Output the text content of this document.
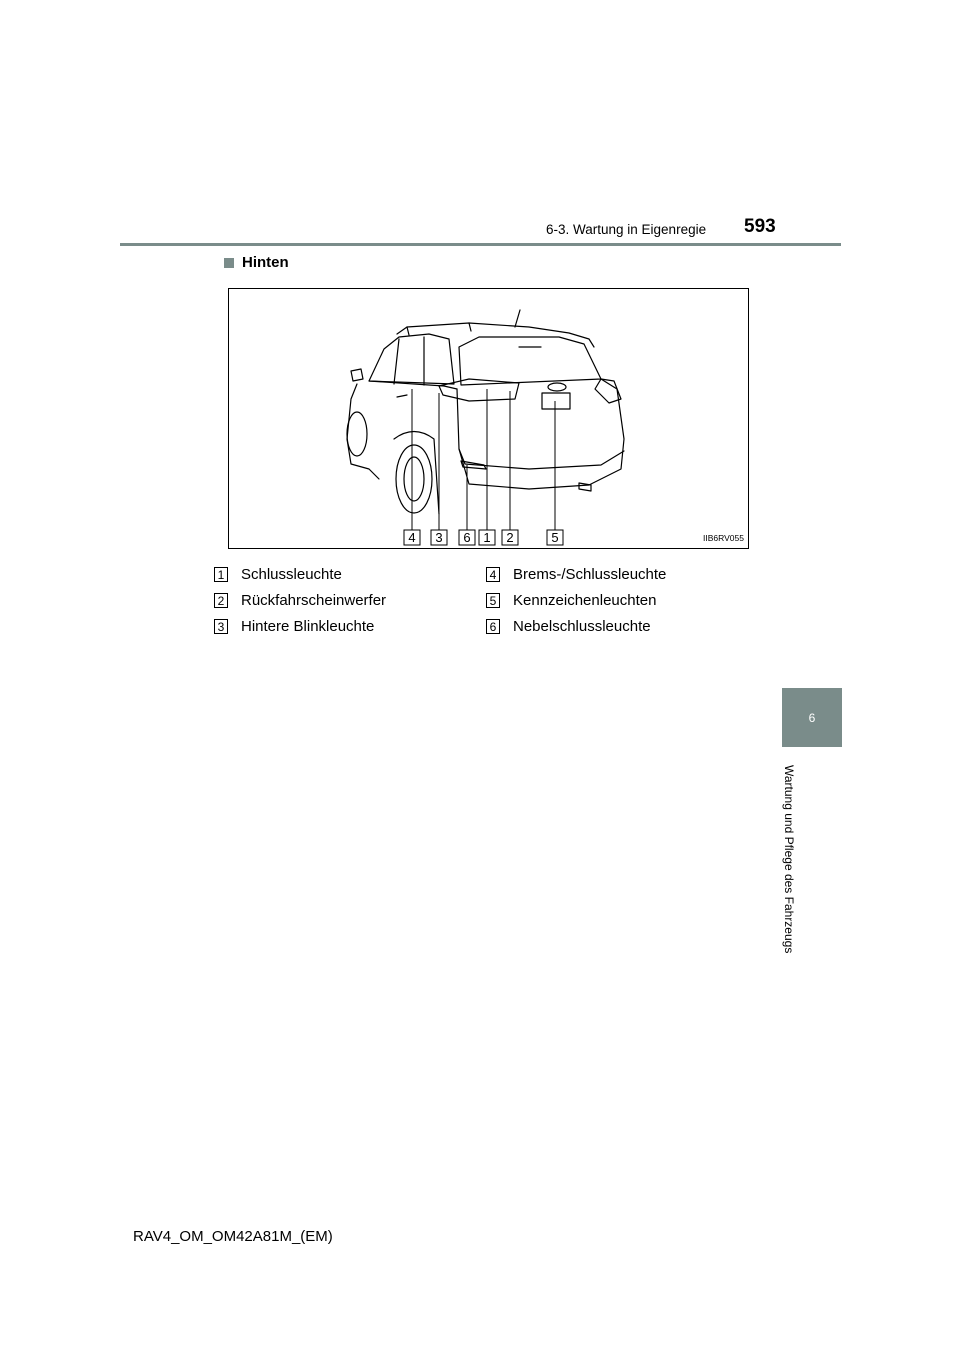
6-3. Wartung in Eigenregie 593
Hinten
4 3 6 1 2	5	IIB6RV055
1 Schlussleuchte
2 Rückfahrscheinwerfer
3 Hintere Blinkleuchte
4 Brems-/Schlussleuchte
5 Kennzeichenleuchten
6 Nebelschlussleuchte
6
Wartung und Pflege des Fahrzeugs
RAV4_OM_OM42A81M_(EM)
